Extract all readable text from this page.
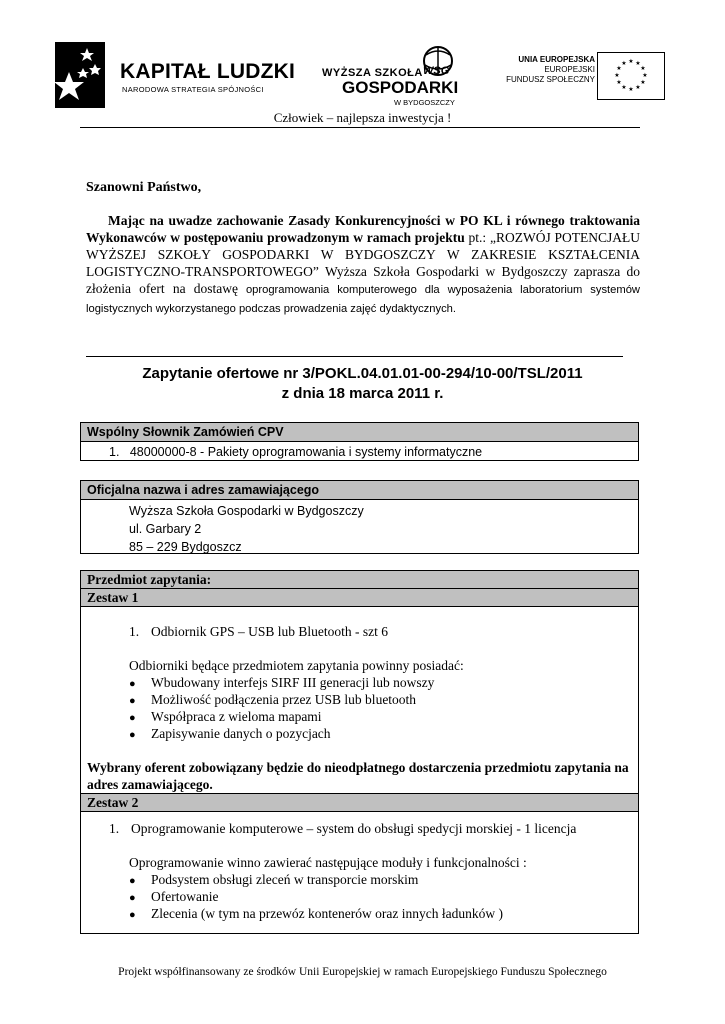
KAPITAŁ LUDZKI
NARODOWA STRATEGIA SPÓJNOŚCI
WYŻSZA SZKOŁA WSG
GOSPODARKI
W BYDGOSZCZY
UNIA EUROPEJSKA
EUROPEJSKI
FUNDUSZ SPOŁECZNY
★ ★
★
★
★
★
★
★
★
★
★
★
Człowiek – najlepsza inwestycja !
Szanowni Państwo,
Mając na uwadze zachowanie Zasady Konkurencyjności w PO KL i równego traktowania Wykonawców w postępowaniu prowadzonym w ramach projektu pt.: „ROZWÓJ POTENCJAŁU WYŻSZEJ SZKOŁY GOSPODARKI W BYDGOSZCZY W ZAKRESIE KSZTAŁCENIA LOGISTYCZNO-TRANSPORTOWEGO” Wyższa Szkoła Gospodarki w Bydgoszczy zaprasza do złożenia ofert na dostawę oprogramowania komputerowego dla wyposażenia laboratorium systemów logistycznych wykorzystanego podczas prowadzenia zajęć dydaktycznych.
Zapytanie ofertowe nr 3/POKL.04.01.01-00-294/10-00/TSL/2011
z dnia 18 marca 2011 r.
Wspólny Słownik Zamówień CPV
1. 48000000-8 - Pakiety oprogramowania i systemy informatyczne
Oficjalna nazwa i adres zamawiającego
Wyższa Szkoła Gospodarki w Bydgoszczy
ul. Garbary 2
85 – 229 Bydgoszcz
Przedmiot zapytania:
Zestaw 1
1. Odbiornik GPS – USB lub Bluetooth - szt 6
Odbiorniki będące przedmiotem zapytania powinny posiadać:
● Wbudowany interfejs SIRF III generacji lub nowszy
● Możliwość podłączenia przez USB lub bluetooth
● Współpraca z wieloma mapami
● Zapisywanie danych o pozycjach
Wybrany oferent zobowiązany będzie do nieodpłatnego dostarczenia przedmiotu zapytania na adres zamawiającego.
Zestaw 2
1. Oprogramowanie komputerowe – system do obsługi spedycji morskiej - 1 licencja
Oprogramowanie winno zawierać następujące moduły i funkcjonalności :
● Podsystem obsługi zleceń w transporcie morskim
● Ofertowanie
● Zlecenia (w tym na przewóz kontenerów oraz innych ładunków )
Projekt współfinansowany ze środków Unii Europejskiej w ramach Europejskiego Funduszu Społecznego
